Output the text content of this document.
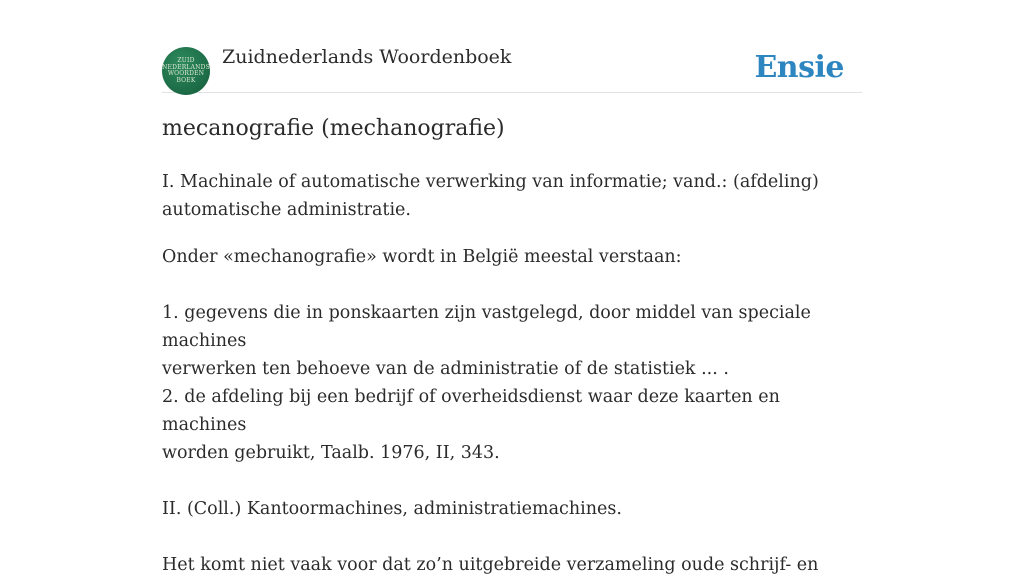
ZUID
NEDERLANDS
WOORDEN
BOEK
Zuidnederlands Woordenboek	Ensie
mecanografie (mechanografie)

I. Machinale of automatische verwerking van informatie; vand.: (afdeling)
automatische administratie.

Onder «mechanografie» wordt in België meestal verstaan:

1. gegevens die in ponskaarten zijn vastgelegd, door middel van speciale machines
verwerken ten behoeve van de administratie of de statistiek ... .
2. de afdeling bij een bedrijf of overheidsdienst waar deze kaarten en machines
worden gebruikt, Taalb. 1976, II, 343.

II. (Coll.) Kantoormachines, administratiemachines.

Het komt niet vaak voor dat zo’n uitgebreide verzameling oude schrijf- en
